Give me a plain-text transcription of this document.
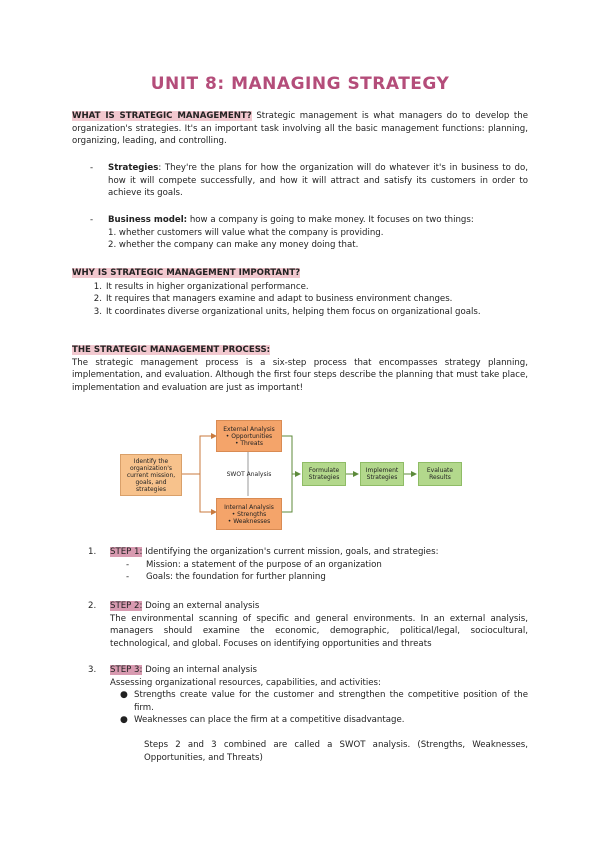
UNIT 8: MANAGING STRATEGY
WHAT IS STRATEGIC MANAGEMENT? Strategic management is what managers do to develop the organization's strategies. It's an important task involving all the basic management functions: planning, organizing, leading, and controlling.
- Strategies: They're the plans for how the organization will do whatever it's in business to do, how it will compete successfully, and how it will attract and satisfy its customers in order to achieve its goals.
- Business model: how a company is going to make money. It focuses on two things:
1. whether customers will value what the company is providing.
2. whether the company can make any money doing that.
WHY IS STRATEGIC MANAGEMENT IMPORTANT?
1. It results in higher organizational performance.
2. It requires that managers examine and adapt to business environment changes.
3. It coordinates diverse organizational units, helping them focus on organizational goals.
THE STRATEGIC MANAGEMENT PROCESS:
The strategic management process is a six-step process that encompasses strategy planning, implementation, and evaluation. Although the first four steps describe the planning that must take place, implementation and evaluation are just as important!
Identify the organization's current mission, goals, and strategies
External Analysis
• Opportunities
• Threats
SWOT Analysis
Internal Analysis
• Strengths
• Weaknesses
Formulate Strategies
Implement Strategies
Evaluate Results
1.	STEP 1: Identifying the organization's current mission, goals, and strategies:
- Mission: a statement of the purpose of an organization
- Goals: the foundation for further planning
2.	STEP 2: Doing an external analysis
The environmental scanning of specific and general environments. In an external analysis, managers should examine the economic, demographic, political/legal, sociocultural, technological, and global. Focuses on identifying opportunities and threats
3.	STEP 3: Doing an internal analysis
Assessing organizational resources, capabilities, and activities:
● Strengths create value for the customer and strengthen the competitive position of the firm.
● Weaknesses can place the firm at a competitive disadvantage.
Steps 2 and 3 combined are called a SWOT analysis. (Strengths, Weaknesses, Opportunities, and Threats)
